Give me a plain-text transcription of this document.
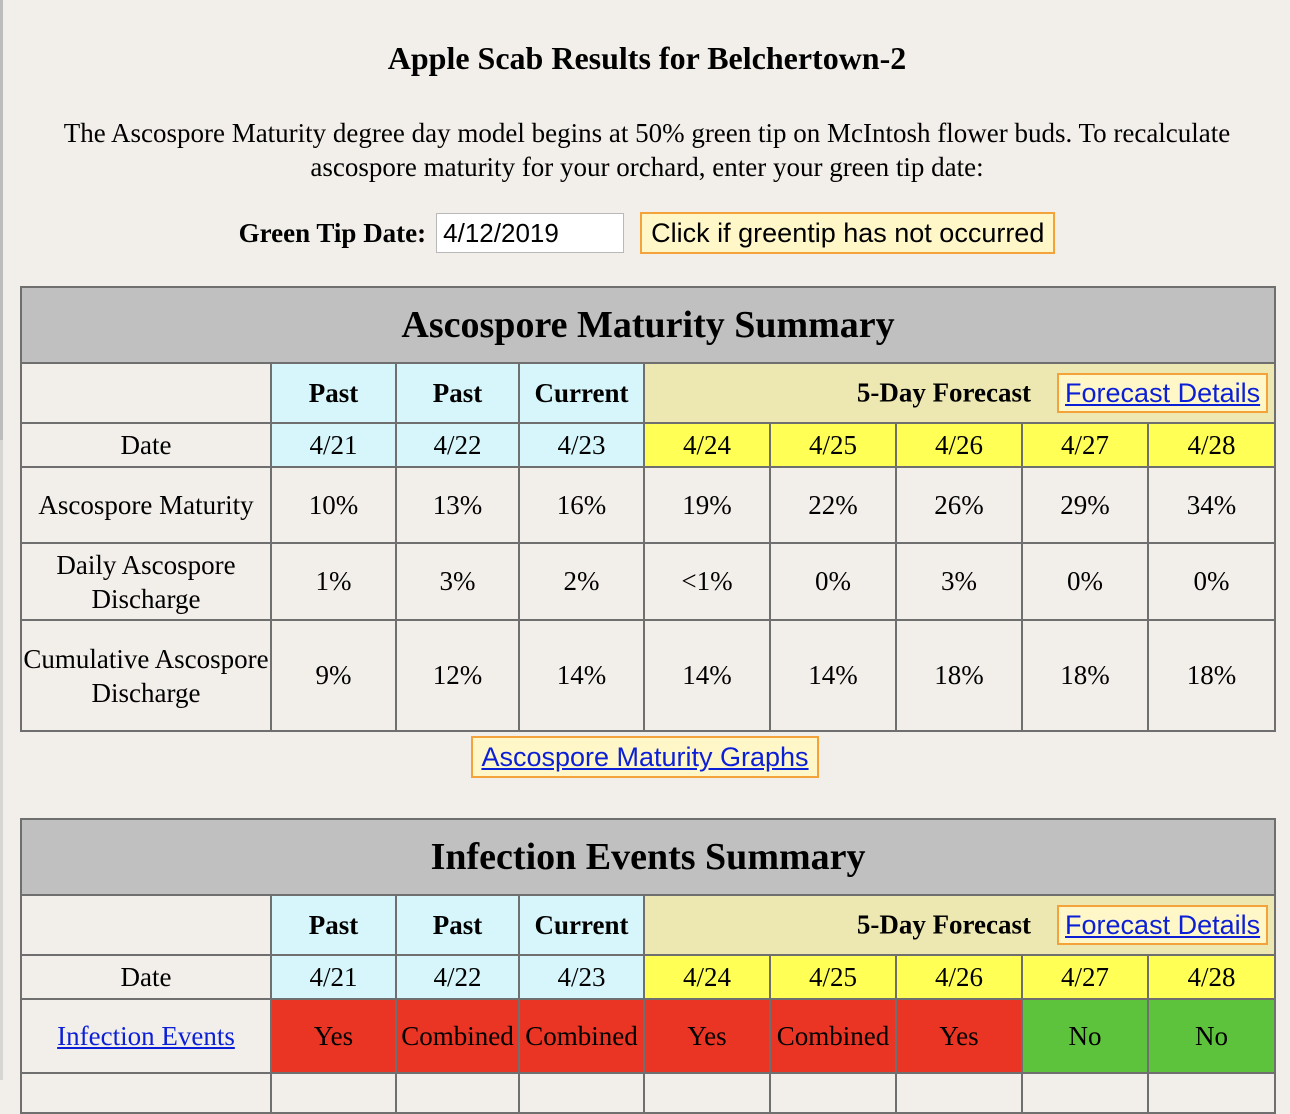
Apple Scab Results for Belchertown-2
The Ascospore Maturity degree day model begins at 50% green tip on McIntosh flower buds. To recalculate ascospore maturity for your orchard, enter your green tip date:
Green Tip Date:
4/12/2019	Click if greentip has not occurred
Ascospore Maturity Summary								
	Past	Past	Current	5-Day Forecast Forecast Details				
Date	4/21	4/22	4/23	4/24	4/25	4/26	4/27	4/28
Ascospore Maturity	10%	13%	16%	19%	22%	26%	29%	34%
Daily Ascospore Discharge	1%	3%	2%	<1%	0%	3%	0%	0%
Cumulative Ascospore Discharge	9%	12%	14%	14%	14%	18%	18%	18%
Ascospore Maturity Graphs
Infection Events Summary								
	Past	Past	Current	5-Day Forecast Forecast Details				
Date	4/21	4/22	4/23	4/24	4/25	4/26	4/27	4/28
Infection Events	Yes	Combined	Combined	Yes	Combined	Yes	No	No
